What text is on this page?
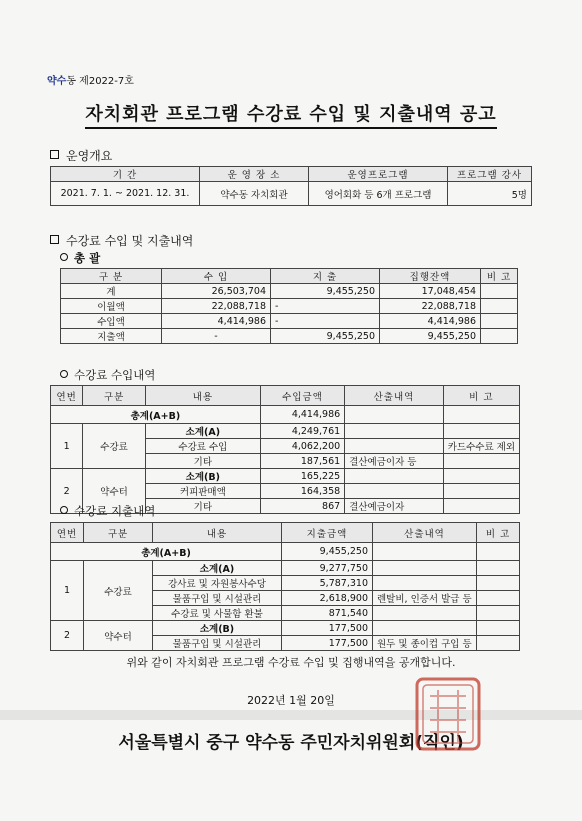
약수동 제2022-7호
자치회관 프로그램 수강료 수입 및 지출내역 공고
운영개요
기 간	운 영 장 소	운영프로그램	프로그램 강사
2021. 7. 1. ~ 2021. 12. 31.	약수동 자치회관	영어회화 등 6개 프로그램	5명
수강료 수입 및 지출내역
총 괄
구 분	수 입	지 출	집행잔액	비 고
계	26,503,704	9,455,250	17,048,454	
이월액	22,088,718	-	22,088,718	
수입액	4,414,986	-	4,414,986	
지출액	-	9,455,250	9,455,250	
수강료 수입내역
연번	구분	내용	수입금액	산출내역	비 고
총계(A+B)			4,414,986		
1	수강료	소계(A)	4,249,761		
		수강료 수입	4,062,200		카드수수료 제외
		기타	187,561	결산예금이자 등	
2	약수터	소계(B)	165,225		
		커피판매액	164,358		
		기타	867	결산예금이자	
수강료 지출내역
연번	구분	내용	지출금액	산출내역	비 고
총계(A+B)			9,455,250		
1	수강료	소계(A)	9,277,750		
		강사료 및 자원봉사수당	5,787,310		
		물품구입 및 시설관리	2,618,900	렌탈비, 인증서 발급 등	
		수강료 및 사물함 환불	871,540		
2	약수터	소계(B)	177,500		
		물품구입 및 시설관리	177,500	원두 및 종이컵 구입 등	
위와 같이 자치회관 프로그램 수강료 수입 및 집행내역을 공개합니다.
2022년 1월 20일
서울특별시 중구 약수동 주민자치위원회(직인)
